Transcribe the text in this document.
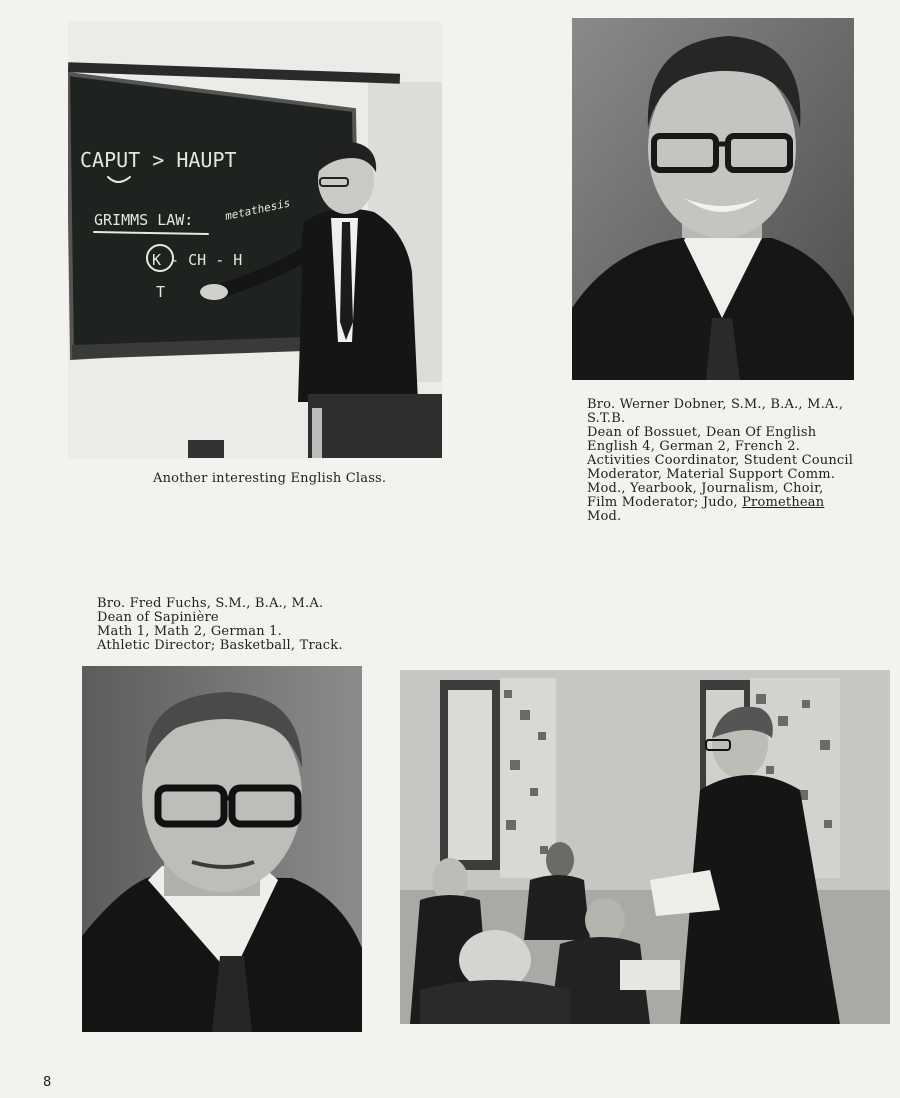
CAPUT > HAUPT
GRIMMS LAW:	metathesis
K - CH - H
T
Another interesting English Class.
Bro. Werner Dobner, S.M., B.A., M.A.,
S.T.B.
Dean of Bossuet, Dean Of English
English 4, German 2, French 2.
Activities Coordinator, Student Council
Moderator, Material Support Comm.
Mod., Yearbook, Journalism, Choir,
Film Moderator; Judo, Promethean
Mod.
Bro. Fred Fuchs, S.M., B.A., M.A.
Dean of Sapinière
Math 1, Math 2, German 1.
Athletic Director; Basketball, Track.
8
